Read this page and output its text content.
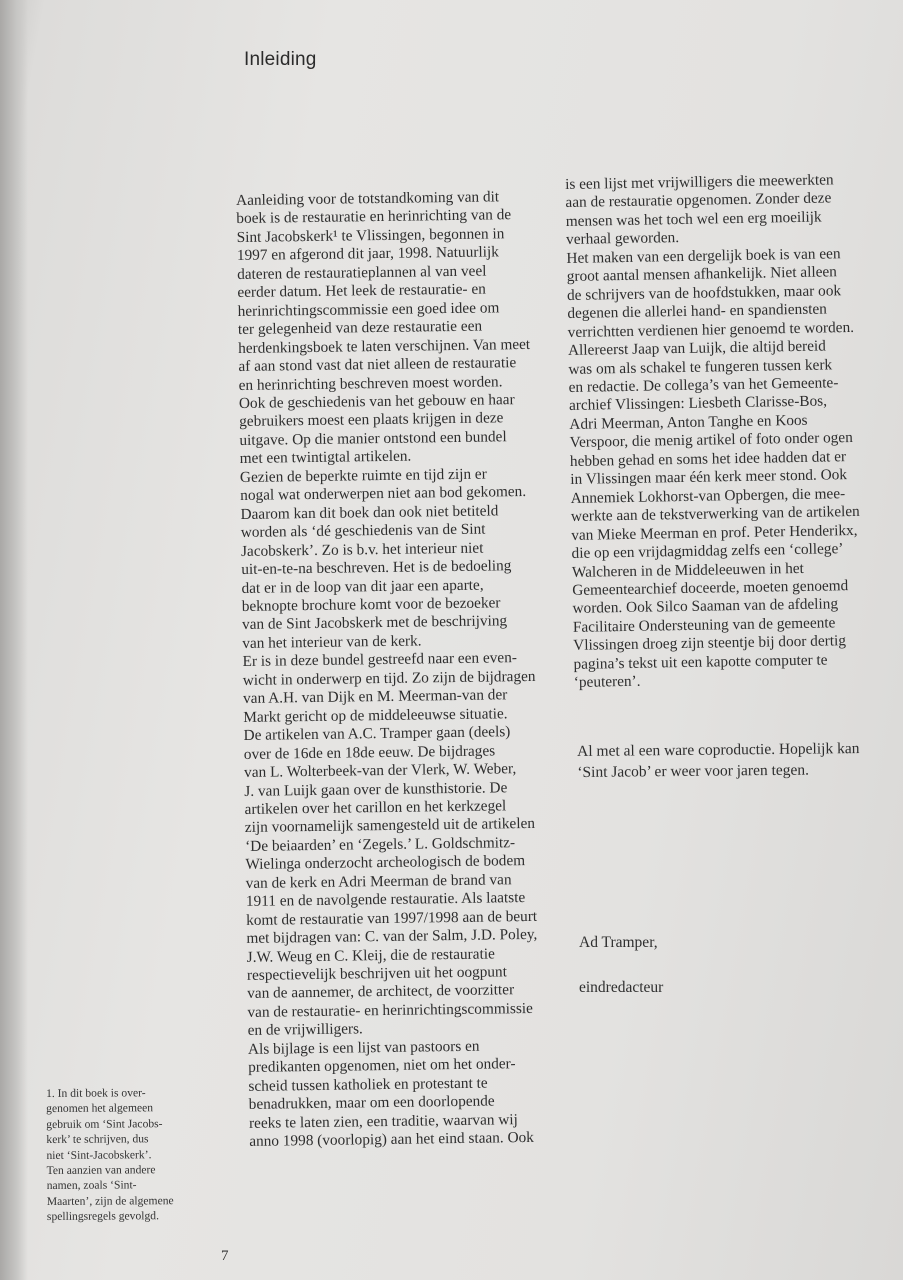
Inleiding
Aanleiding voor de totstandkoming van dit
boek is de restauratie en herinrichting van de
Sint Jacobskerk¹ te Vlissingen, begonnen in
1997 en afgerond dit jaar, 1998. Natuurlijk
dateren de restauratieplannen al van veel
eerder datum. Het leek de restauratie- en
herinrichtingscommissie een goed idee om
ter gelegenheid van deze restauratie een
herdenkingsboek te laten verschijnen. Van meet
af aan stond vast dat niet alleen de restauratie
en herinrichting beschreven moest worden.
Ook de geschiedenis van het gebouw en haar
gebruikers moest een plaats krijgen in deze
uitgave. Op die manier ontstond een bundel
met een twintigtal artikelen.
Gezien de beperkte ruimte en tijd zijn er
nogal wat onderwerpen niet aan bod gekomen.
Daarom kan dit boek dan ook niet betiteld
worden als ‘dé geschiedenis van de Sint
Jacobskerk’. Zo is b.v. het interieur niet
uit-en-te-na beschreven. Het is de bedoeling
dat er in de loop van dit jaar een aparte,
beknopte brochure komt voor de bezoeker
van de Sint Jacobskerk met de beschrijving
van het interieur van de kerk.
Er is in deze bundel gestreefd naar een even-
wicht in onderwerp en tijd. Zo zijn de bijdragen
van A.H. van Dijk en M. Meerman-van der
Markt gericht op de middeleeuwse situatie.
De artikelen van A.C. Tramper gaan (deels)
over de 16de en 18de eeuw. De bijdrages
van L. Wolterbeek-van der Vlerk, W. Weber,
J. van Luijk gaan over de kunsthistorie. De
artikelen over het carillon en het kerkzegel
zijn voornamelijk samengesteld uit de artikelen
‘De beiaarden’ en ‘Zegels.’ L. Goldschmitz-
Wielinga onderzocht archeologisch de bodem
van de kerk en Adri Meerman de brand van
1911 en de navolgende restauratie. Als laatste
komt de restauratie van 1997/1998 aan de beurt
met bijdragen van: C. van der Salm, J.D. Poley,
J.W. Weug en C. Kleij, die de restauratie
respectievelijk beschrijven uit het oogpunt
van de aannemer, de architect, de voorzitter
van de restauratie- en herinrichtingscommissie
en de vrijwilligers.
Als bijlage is een lijst van pastoors en
predikanten opgenomen, niet om het onder-
scheid tussen katholiek en protestant te
benadrukken, maar om een doorlopende
reeks te laten zien, een traditie, waarvan wij
anno 1998 (voorlopig) aan het eind staan. Ook
is een lijst met vrijwilligers die meewerkten
aan de restauratie opgenomen. Zonder deze
mensen was het toch wel een erg moeilijk
verhaal geworden.
Het maken van een dergelijk boek is van een
groot aantal mensen afhankelijk. Niet alleen
de schrijvers van de hoofdstukken, maar ook
degenen die allerlei hand- en spandiensten
verrichtten verdienen hier genoemd te worden.
Allereerst Jaap van Luijk, die altijd bereid
was om als schakel te fungeren tussen kerk
en redactie. De collega’s van het Gemeente-
archief Vlissingen: Liesbeth Clarisse-Bos,
Adri Meerman, Anton Tanghe en Koos
Verspoor, die menig artikel of foto onder ogen
hebben gehad en soms het idee hadden dat er
in Vlissingen maar één kerk meer stond. Ook
Annemiek Lokhorst-van Opbergen, die mee-
werkte aan de tekstverwerking van de artikelen
van Mieke Meerman en prof. Peter Henderikx,
die op een vrijdagmiddag zelfs een ‘college’
Walcheren in de Middeleeuwen in het
Gemeentearchief doceerde, moeten genoemd
worden. Ook Silco Saaman van de afdeling
Facilitaire Ondersteuning van de gemeente
Vlissingen droeg zijn steentje bij door dertig
pagina’s tekst uit een kapotte computer te
‘peuteren’.
Al met al een ware coproductie. Hopelijk kan
‘Sint Jacob’ er weer voor jaren tegen.
Ad Tramper,
eindredacteur
1. In dit boek is over-
genomen het algemeen
gebruik om ‘Sint Jacobs-
kerk’ te schrijven, dus
niet ‘Sint-Jacobskerk’.
Ten aanzien van andere
namen, zoals ‘Sint-
Maarten’, zijn de algemene
spellingsregels gevolgd.
7
